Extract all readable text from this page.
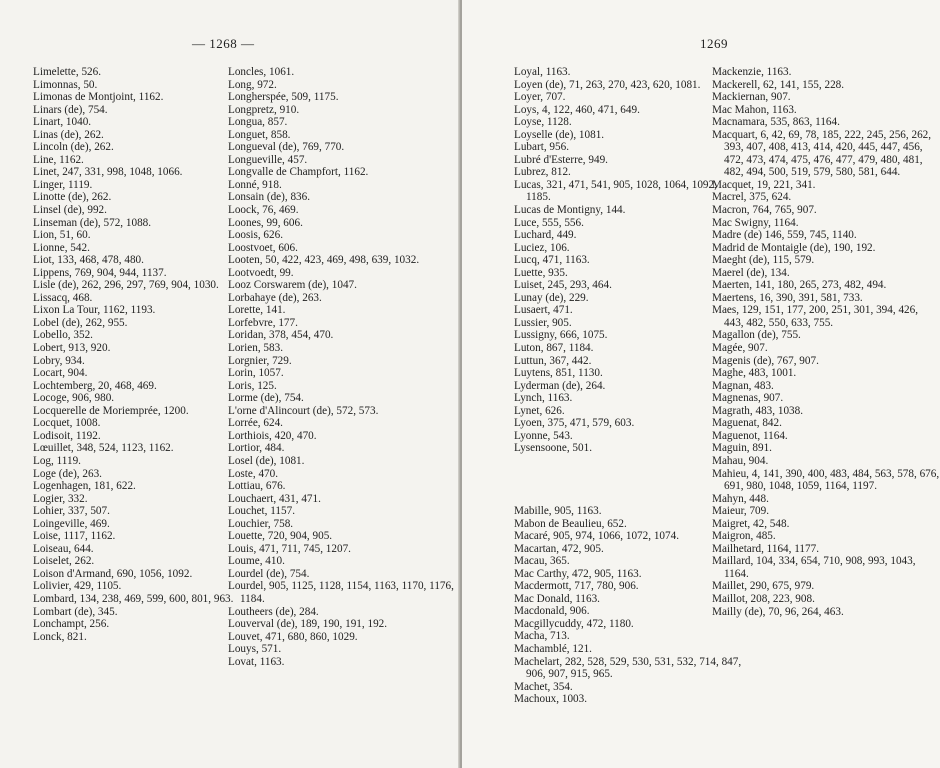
— 1268 —
Limelette, 526.
Limonnas, 50.
Limonas de Montjoint, 1162.
Linars (de), 754.
Linart, 1040.
Linas (de), 262.
Lincoln (de), 262.
Line, 1162.
Linet, 247, 331, 998, 1048, 1066.
Linger, 1119.
Linotte (de), 262.
Linsel (de), 992.
Linseman (de), 572, 1088.
Lion, 51, 60.
Lionne, 542.
Liot, 133, 468, 478, 480.
Lippens, 769, 904, 944, 1137.
Lisle (de), 262, 296, 297, 769, 904, 1030.
Lissacq, 468.
Lixon La Tour, 1162, 1193.
Lobel (de), 262, 955.
Lobello, 352.
Lobert, 913, 920.
Lobry, 934.
Locart, 904.
Lochtemberg, 20, 468, 469.
Locoge, 906, 980.
Locquerelle de Moriemprée, 1200.
Locquet, 1008.
Lodisoit, 1192.
Lœuillet, 348, 524, 1123, 1162.
Log, 1119.
Loge (de), 263.
Logenhagen, 181, 622.
Logier, 332.
Lohier, 337, 507.
Loingeville, 469.
Loise, 1117, 1162.
Loiseau, 644.
Loiselet, 262.
Loison d'Armand, 690, 1056, 1092.
Lolivier, 429, 1105.
Lombard, 134, 238, 469, 599, 600, 801, 963.
Lombart (de), 345.
Lonchampt, 256.
Lonck, 821.
Loncles, 1061.
Long, 972.
Longherspée, 509, 1175.
Longpretz, 910.
Longua, 857.
Longuet, 858.
Longueval (de), 769, 770.
Longueville, 457.
Longvalle de Champfort, 1162.
Lonné, 918.
Lonsain (de), 836.
Loock, 76, 469.
Loones, 99, 606.
Loosis, 626.
Loostvoet, 606.
Looten, 50, 422, 423, 469, 498, 639, 1032.
Lootvoedt, 99.
Looz Corswarem (de), 1047.
Lorbahaye (de), 263.
Lorette, 141.
Lorfebvre, 177.
Loridan, 378, 454, 470.
Lorien, 583.
Lorgnier, 729.
Lorin, 1057.
Loris, 125.
Lorme (de), 754.
L'orne d'Alincourt (de), 572, 573.
Lorrée, 624.
Lorthiois, 420, 470.
Lortior, 484.
Losel (de), 1081.
Loste, 470.
Lottiau, 676.
Louchaert, 431, 471.
Louchet, 1157.
Louchier, 758.
Louette, 720, 904, 905.
Louis, 471, 711, 745, 1207.
Loume, 410.
Lourdel (de), 754.
Lourdel, 905, 1125, 1128, 1154, 1163, 1170, 1176, 1184.
Loutheers (de), 284.
Louverval (de), 189, 190, 191, 192.
Louvet, 471, 680, 860, 1029.
Louys, 571.
Lovat, 1163.
1269
Loyal, 1163.
Loyen (de), 71, 263, 270, 423, 620, 1081.
Loyer, 707.
Loys, 4, 122, 460, 471, 649.
Loyse, 1128.
Loyselle (de), 1081.
Lubart, 956.
Lubré d'Esterre, 949.
Lubrez, 812.
Lucas, 321, 471, 541, 905, 1028, 1064, 1092, 1185.
Lucas de Montigny, 144.
Luce, 555, 556.
Luchard, 449.
Luciez, 106.
Lucq, 471, 1163.
Luette, 935.
Luiset, 245, 293, 464.
Lunay (de), 229.
Lusaert, 471.
Lussier, 905.
Lussigny, 666, 1075.
Luton, 867, 1184.
Luttun, 367, 442.
Luytens, 851, 1130.
Lyderman (de), 264.
Lynch, 1163.
Lynet, 626.
Lyoen, 375, 471, 579, 603.
Lyonne, 543.
Lysensoone, 501.
Mabille, 905, 1163.
Mabon de Beaulieu, 652.
Macaré, 905, 974, 1066, 1072, 1074.
Macartan, 472, 905.
Macau, 365.
Mac Carthy, 472, 905, 1163.
Macdermott, 717, 780, 906.
Mac Donald, 1163.
Macdonald, 906.
Macgillycuddy, 472, 1180.
Macha, 713.
Machamblé, 121.
Machelart, 282, 528, 529, 530, 531, 532, 714, 847, 906, 907, 915, 965.
Machet, 354.
Machoux, 1003.
Mackenzie, 1163.
Mackerell, 62, 141, 155, 228.
Mackiernan, 907.
Mac Mahon, 1163.
Macnamara, 535, 863, 1164.
Macquart, 6, 42, 69, 78, 185, 222, 245, 256, 262, 393, 407, 408, 413, 414, 420, 445, 447, 456, 472, 473, 474, 475, 476, 477, 479, 480, 481, 482, 494, 500, 519, 579, 580, 581, 644.
Macquet, 19, 221, 341.
Macrel, 375, 624.
Macron, 764, 765, 907.
Mac Swigny, 1164.
Madre (de) 146, 559, 745, 1140.
Madrid de Montaigle (de), 190, 192.
Maeght (de), 115, 579.
Maerel (de), 134.
Maerten, 141, 180, 265, 273, 482, 494.
Maertens, 16, 390, 391, 581, 733.
Maes, 129, 151, 177, 200, 251, 301, 394, 426, 443, 482, 550, 633, 755.
Magallon (de), 755.
Magée, 907.
Magenis (de), 767, 907.
Maghe, 483, 1001.
Magnan, 483.
Magnenas, 907.
Magrath, 483, 1038.
Maguenat, 842.
Maguenot, 1164.
Maguin, 891.
Mahau, 904.
Mahieu, 4, 141, 390, 400, 483, 484, 563, 578, 676, 691, 980, 1048, 1059, 1164, 1197.
Mahyn, 448.
Maieur, 709.
Maigret, 42, 548.
Maigron, 485.
Mailhetard, 1164, 1177.
Maillard, 104, 334, 654, 710, 908, 993, 1043, 1164.
Maillet, 290, 675, 979.
Maillot, 208, 223, 908.
Mailly (de), 70, 96, 264, 463.
